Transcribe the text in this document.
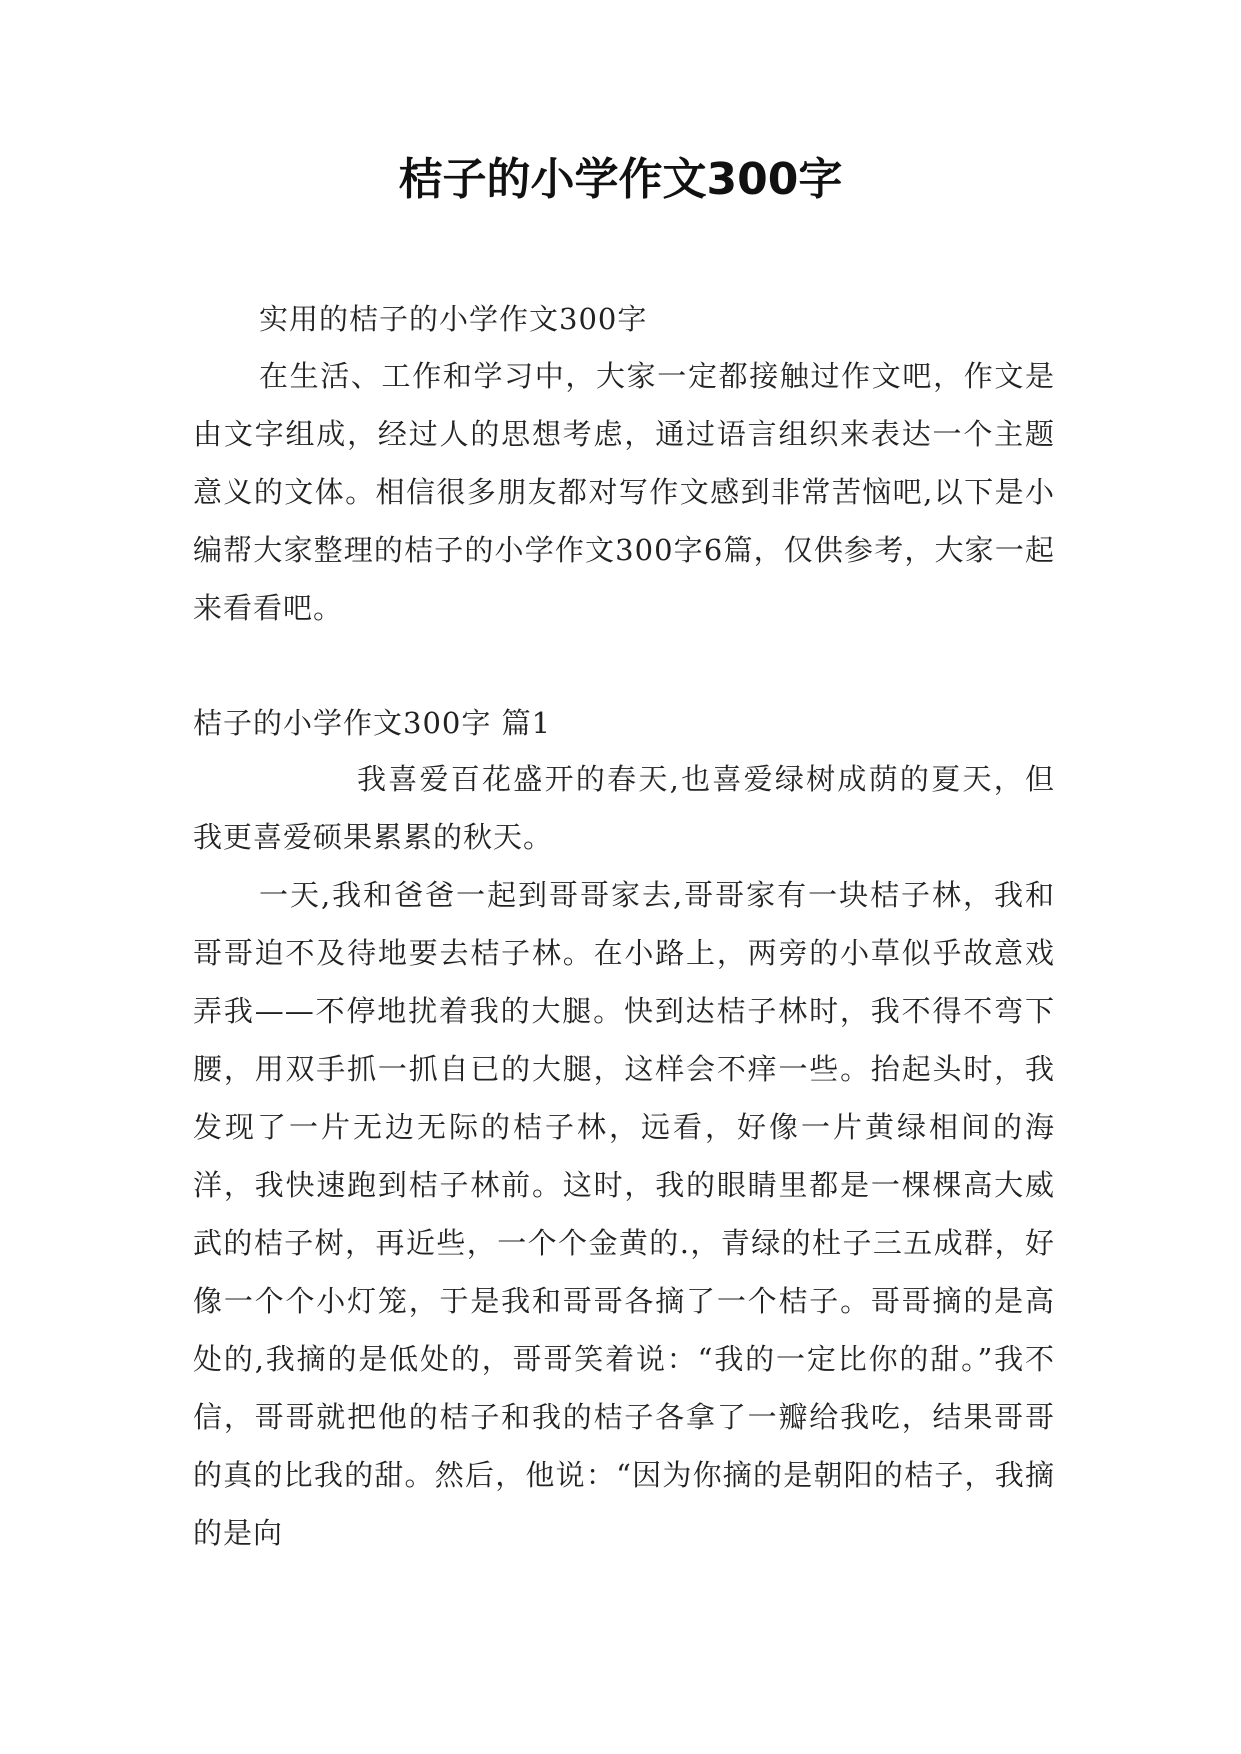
桔子的小学作文300字

实用的桔子的小学作文300字

在生活、工作和学习中，大家一定都接触过作文吧，作文是由文字组成，经过人的思想考虑，通过语言组织来表达一个主题意义的文体。相信很多朋友都对写作文感到非常苦恼吧,以下是小编帮大家整理的桔子的小学作文300字6篇，仅供参考，大家一起来看看吧。

桔子的小学作文300字 篇1

我喜爱百花盛开的春天,也喜爱绿树成荫的夏天，但我更喜爱硕果累累的秋天。

一天,我和爸爸一起到哥哥家去,哥哥家有一块桔子林，我和哥哥迫不及待地要去桔子林。在小路上，两旁的小草似乎故意戏弄我——不停地扰着我的大腿。快到达桔子林时，我不得不弯下腰，用双手抓一抓自已的大腿，这样会不痒一些。抬起头时，我发现了一片无边无际的桔子林，远看，好像一片黄绿相间的海洋，我快速跑到桔子林前。这时，我的眼睛里都是一棵棵高大威武的桔子树，再近些，一个个金黄的.，青绿的杜子三五成群，好像一个个小灯笼，于是我和哥哥各摘了一个桔子。哥哥摘的是高处的,我摘的是低处的，哥哥笑着说：“我的一定比你的甜。”我不信，哥哥就把他的桔子和我的桔子各拿了一瓣给我吃，结果哥哥的真的比我的甜。然后，他说：“因为你摘的是朝阳的桔子，我摘的是向
